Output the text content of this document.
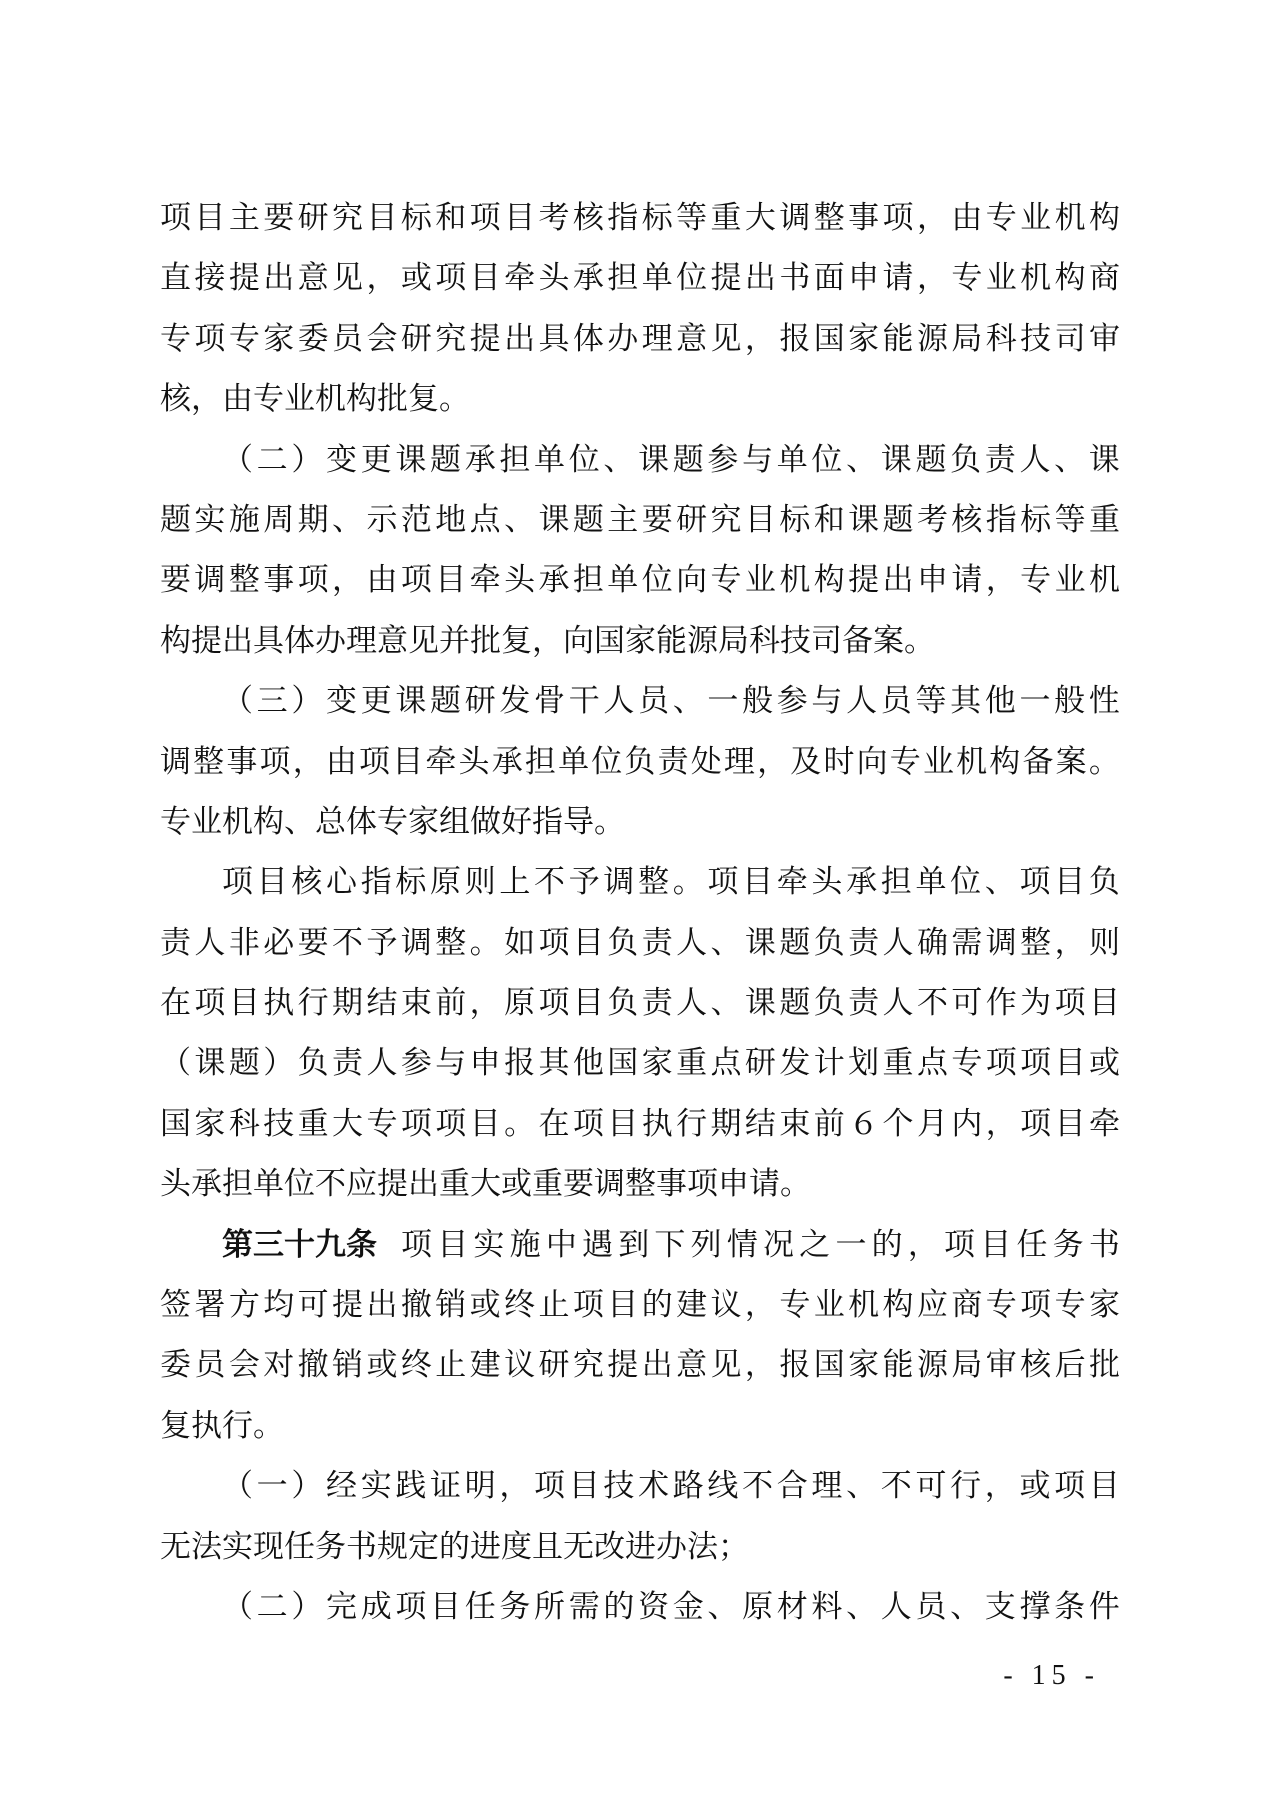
项 目 主 要 研 究 目 标 和 项 目 考 核 指 标 等 重 大 调 整 事 项 ， 由 专 业 机 构
直 接 提 出 意 见 ， 或 项 目 牵 头 承 担 单 位 提 出 书 面 申 请 ， 专 业 机 构 商
专 项 专 家 委 员 会 研 究 提 出 具 体 办 理 意 见 ， 报 国 家 能 源 局 科 技 司 审
核 ， 由 专 业 机 构 批 复 。
（ 二 ） 变 更 课 题 承 担 单 位 、 课 题 参 与 单 位 、 课 题 负 责 人 、 课
题 实 施 周 期 、 示 范 地 点 、 课 题 主 要 研 究 目 标 和 课 题 考 核 指 标 等 重
要 调 整 事 项 ， 由 项 目 牵 头 承 担 单 位 向 专 业 机 构 提 出 申 请 ， 专 业 机
构 提 出 具 体 办 理 意 见 并 批 复 ， 向 国 家 能 源 局 科 技 司 备 案 。
（ 三 ） 变 更 课 题 研 发 骨 干 人 员 、 一 般 参 与 人 员 等 其 他 一 般 性
调 整 事 项 ， 由 项 目 牵 头 承 担 单 位 负 责 处 理 ， 及 时 向 专 业 机 构 备 案 。
专 业 机 构 、 总 体 专 家 组 做 好 指 导 。
项 目 核 心 指 标 原 则 上 不 予 调 整 。 项 目 牵 头 承 担 单 位 、 项 目 负
责 人 非 必 要 不 予 调 整 。 如 项 目 负 责 人 、 课 题 负 责 人 确 需 调 整 ， 则
在 项 目 执 行 期 结 束 前 ， 原 项 目 负 责 人 、 课 题 负 责 人 不 可 作 为 项 目
（ 课 题 ） 负 责 人 参 与 申 报 其 他 国 家 重 点 研 发 计 划 重 点 专 项 项 目 或
国 家 科 技 重 大 专 项 项 目 。 在 项 目 执 行 期 结 束 前 ６ 个 月 内 ， 项 目 牵
头 承 担 单 位 不 应 提 出 重 大 或 重 要 调 整 事 项 申 请 。
第三十九条 项 目 实 施 中 遇 到 下 列 情 况 之 一 的 ， 项 目 任 务 书
签 署 方 均 可 提 出 撤 销 或 终 止 项 目 的 建 议 ， 专 业 机 构 应 商 专 项 专 家
委 员 会 对 撤 销 或 终 止 建 议 研 究 提 出 意 见 ， 报 国 家 能 源 局 审 核 后 批
复 执 行 。
（ 一 ） 经 实 践 证 明 ， 项 目 技 术 路 线 不 合 理 、 不 可 行 ， 或 项 目
无 法 实 现 任 务 书 规 定 的 进 度 且 无 改 进 办 法 ；
（ 二 ） 完 成 项 目 任 务 所 需 的 资 金 、 原 材 料 、 人 员 、 支 撑 条 件
- 15 -
